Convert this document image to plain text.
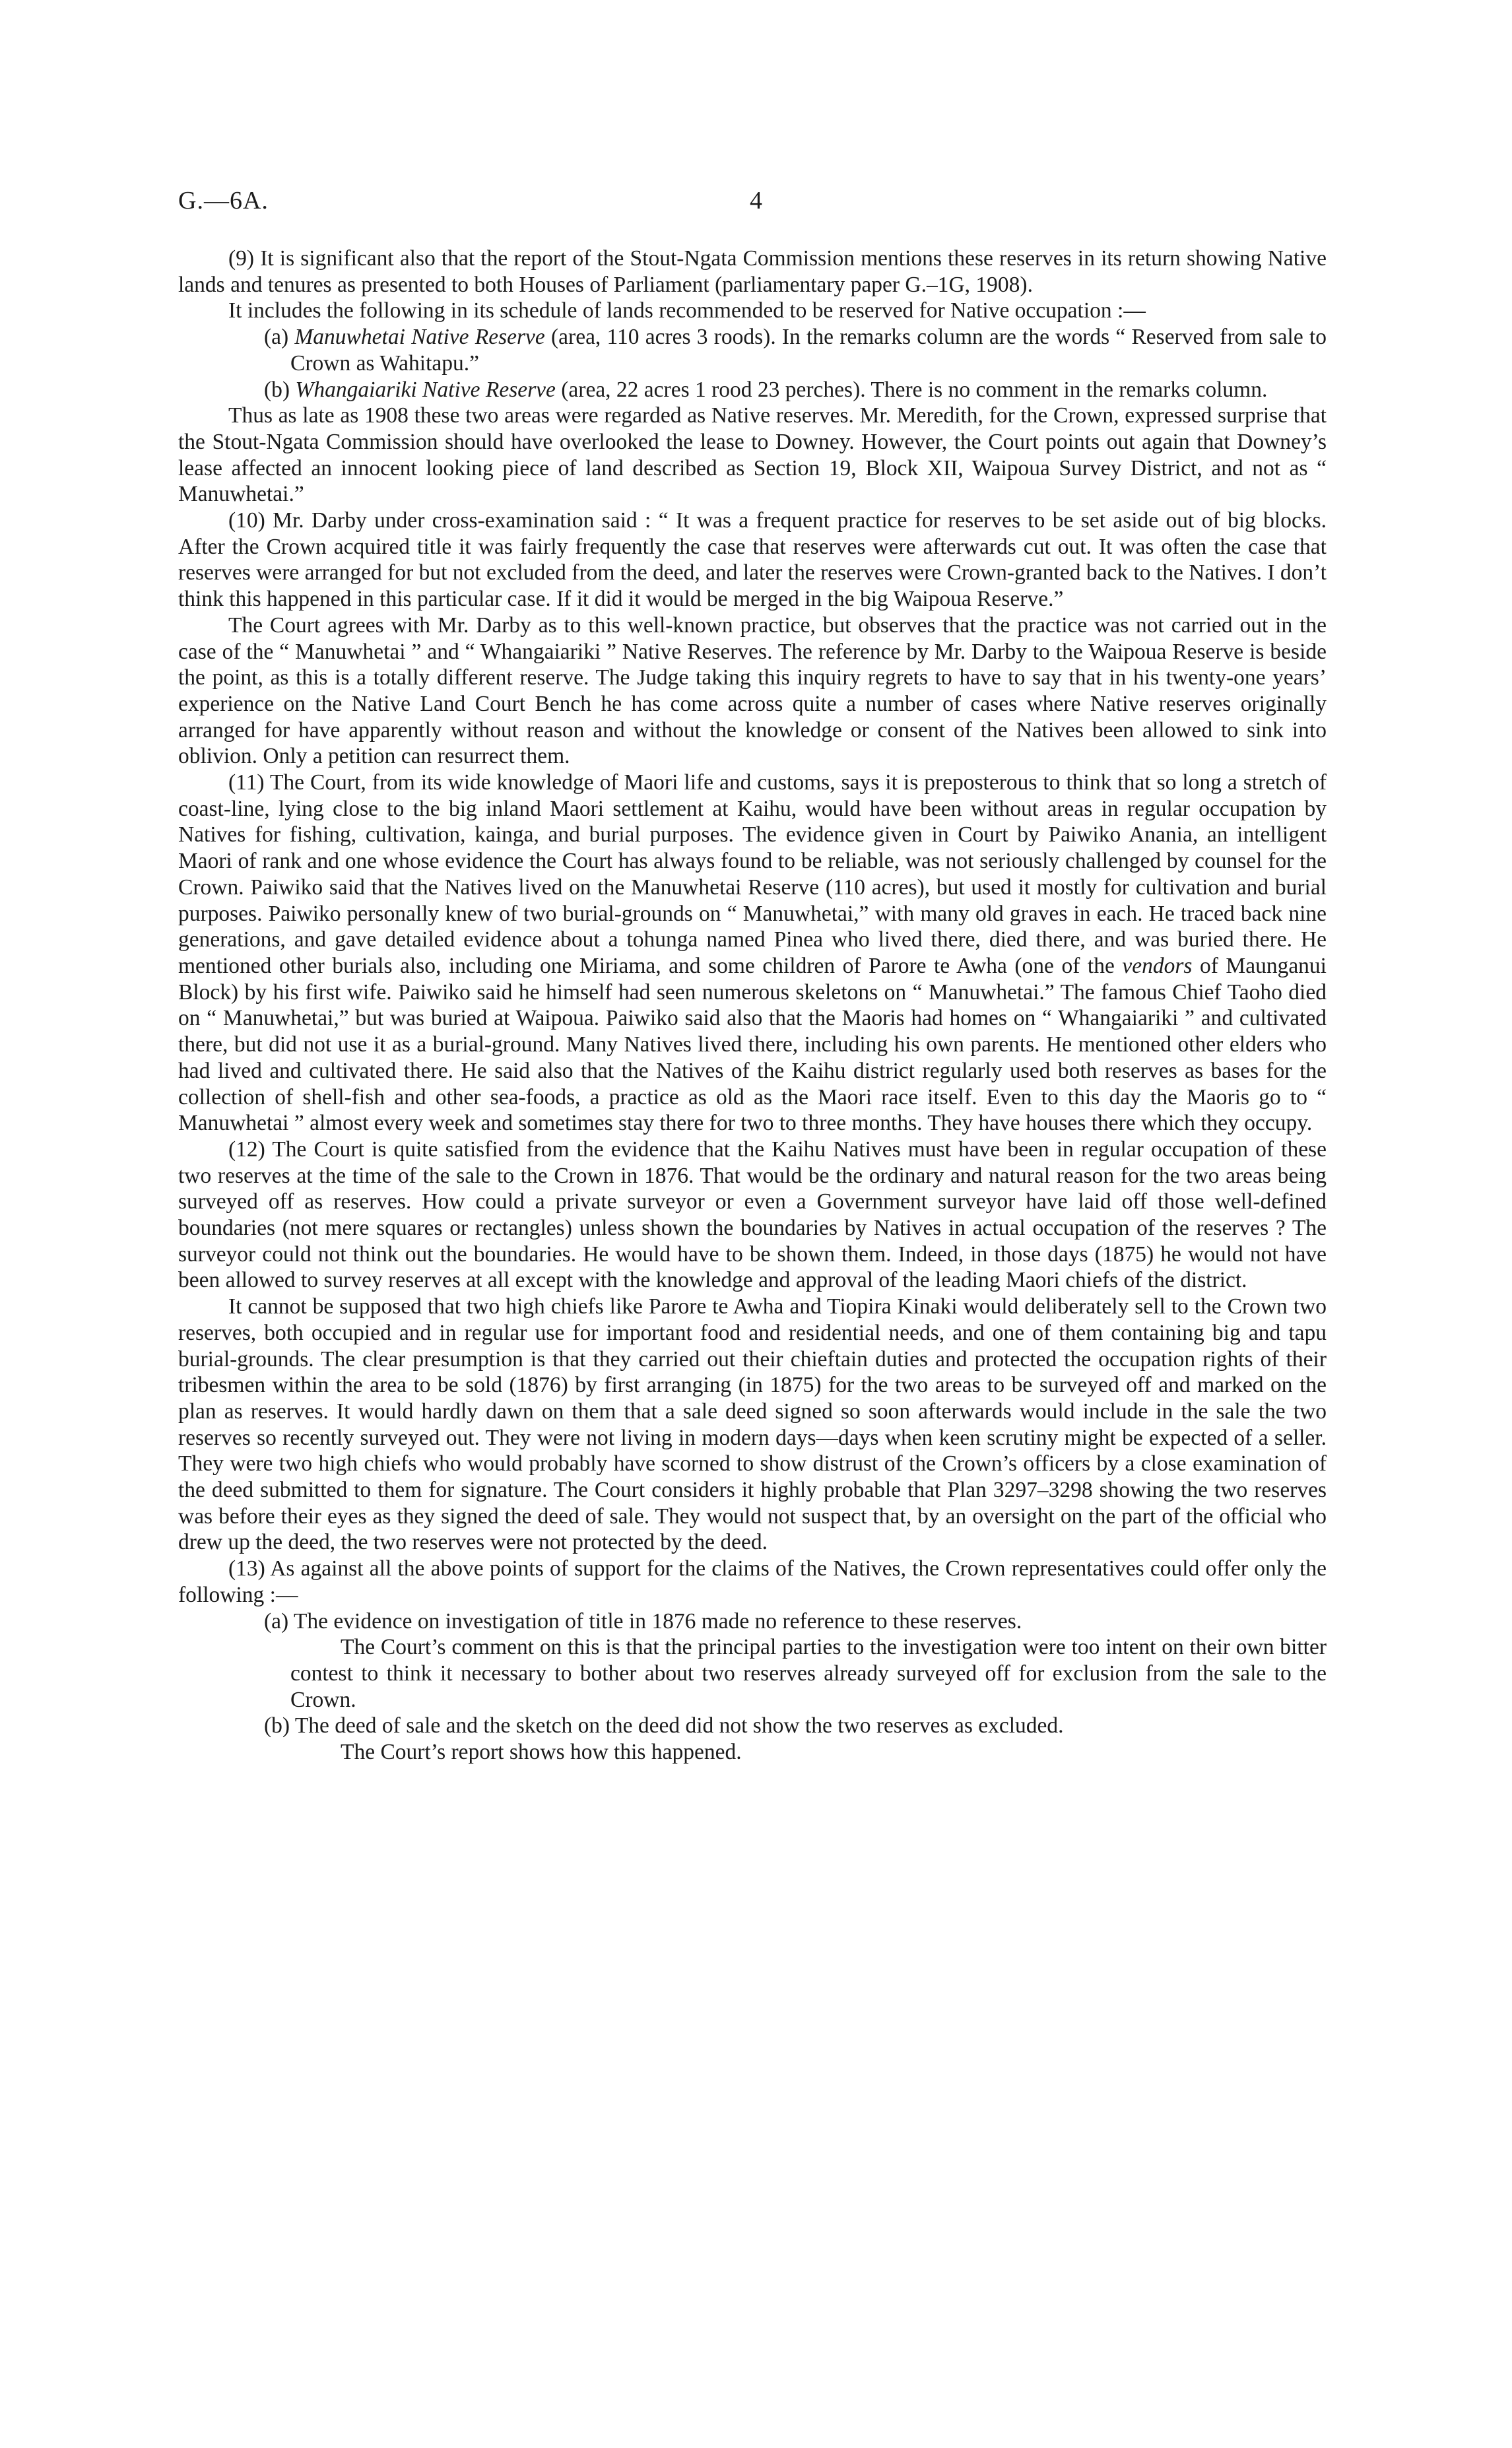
G.—6A.	4

(9) It is significant also that the report of the Stout-Ngata Commission mentions these reserves in its return showing Native lands and tenures as presented to both Houses of Parliament (parliamentary paper G.–1G, 1908).

It includes the following in its schedule of lands recommended to be reserved for Native occupation :—

(a) Manuwhetai Native Reserve (area, 110 acres 3 roods). In the remarks column are the words “ Reserved from sale to Crown as Wahitapu.”

(b) Whangaiariki Native Reserve (area, 22 acres 1 rood 23 perches). There is no comment in the remarks column.

Thus as late as 1908 these two areas were regarded as Native reserves. Mr. Meredith, for the Crown, expressed surprise that the Stout-Ngata Commission should have overlooked the lease to Downey. However, the Court points out again that Downey’s lease affected an innocent looking piece of land described as Section 19, Block XII, Waipoua Survey District, and not as “ Manuwhetai.”

(10) Mr. Darby under cross-examination said : “ It was a frequent practice for reserves to be set aside out of big blocks. After the Crown acquired title it was fairly frequently the case that reserves were afterwards cut out. It was often the case that reserves were arranged for but not excluded from the deed, and later the reserves were Crown-granted back to the Natives. I don’t think this happened in this particular case. If it did it would be merged in the big Waipoua Reserve.”

The Court agrees with Mr. Darby as to this well-known practice, but observes that the practice was not carried out in the case of the “ Manuwhetai ” and “ Whangaiariki ” Native Reserves. The reference by Mr. Darby to the Waipoua Reserve is beside the point, as this is a totally different reserve. The Judge taking this inquiry regrets to have to say that in his twenty-one years’ experience on the Native Land Court Bench he has come across quite a number of cases where Native reserves originally arranged for have apparently without reason and without the knowledge or consent of the Natives been allowed to sink into oblivion. Only a petition can resurrect them.

(11) The Court, from its wide knowledge of Maori life and customs, says it is preposterous to think that so long a stretch of coast-line, lying close to the big inland Maori settlement at Kaihu, would have been without areas in regular occupation by Natives for fishing, cultivation, kainga, and burial purposes. The evidence given in Court by Paiwiko Anania, an intelligent Maori of rank and one whose evidence the Court has always found to be reliable, was not seriously challenged by counsel for the Crown. Paiwiko said that the Natives lived on the Manuwhetai Reserve (110 acres), but used it mostly for cultivation and burial purposes. Paiwiko personally knew of two burial-grounds on “ Manuwhetai,” with many old graves in each. He traced back nine generations, and gave detailed evidence about a tohunga named Pinea who lived there, died there, and was buried there. He mentioned other burials also, including one Miriama, and some children of Parore te Awha (one of the vendors of Maunganui Block) by his first wife. Paiwiko said he himself had seen numerous skeletons on “ Manuwhetai.” The famous Chief Taoho died on “ Manuwhetai,” but was buried at Waipoua. Paiwiko said also that the Maoris had homes on “ Whangaiariki ” and cultivated there, but did not use it as a burial-ground. Many Natives lived there, including his own parents. He mentioned other elders who had lived and cultivated there. He said also that the Natives of the Kaihu district regularly used both reserves as bases for the collection of shell-fish and other sea-foods, a practice as old as the Maori race itself. Even to this day the Maoris go to “ Manuwhetai ” almost every week and sometimes stay there for two to three months. They have houses there which they occupy.

(12) The Court is quite satisfied from the evidence that the Kaihu Natives must have been in regular occupation of these two reserves at the time of the sale to the Crown in 1876. That would be the ordinary and natural reason for the two areas being surveyed off as reserves. How could a private surveyor or even a Government surveyor have laid off those well-defined boundaries (not mere squares or rectangles) unless shown the boundaries by Natives in actual occupation of the reserves ? The surveyor could not think out the boundaries. He would have to be shown them. Indeed, in those days (1875) he would not have been allowed to survey reserves at all except with the knowledge and approval of the leading Maori chiefs of the district.

It cannot be supposed that two high chiefs like Parore te Awha and Tiopira Kinaki would deliberately sell to the Crown two reserves, both occupied and in regular use for important food and residential needs, and one of them containing big and tapu burial-grounds. The clear presumption is that they carried out their chieftain duties and protected the occupation rights of their tribesmen within the area to be sold (1876) by first arranging (in 1875) for the two areas to be surveyed off and marked on the plan as reserves. It would hardly dawn on them that a sale deed signed so soon afterwards would include in the sale the two reserves so recently surveyed out. They were not living in modern days—days when keen scrutiny might be expected of a seller. They were two high chiefs who would probably have scorned to show distrust of the Crown’s officers by a close examination of the deed submitted to them for signature. The Court considers it highly probable that Plan 3297–3298 showing the two reserves was before their eyes as they signed the deed of sale. They would not suspect that, by an oversight on the part of the official who drew up the deed, the two reserves were not protected by the deed.

(13) As against all the above points of support for the claims of the Natives, the Crown representatives could offer only the following :—

(a) The evidence on investigation of title in 1876 made no reference to these reserves.

The Court’s comment on this is that the principal parties to the investigation were too intent on their own bitter contest to think it necessary to bother about two reserves already surveyed off for exclusion from the sale to the Crown.

(b) The deed of sale and the sketch on the deed did not show the two reserves as excluded.

The Court’s report shows how this happened.
